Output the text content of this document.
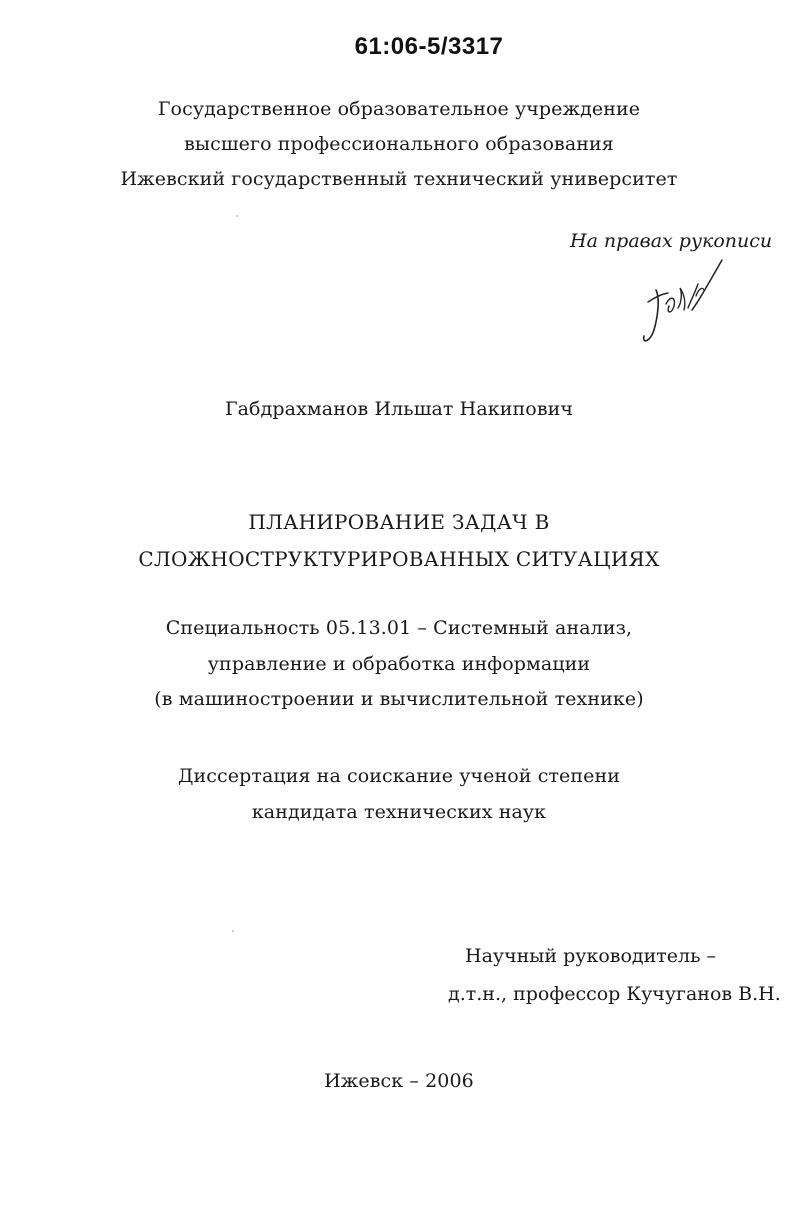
61:06-5/3317
Государственное образовательное учреждение
высшего профессионального образования
Ижевский государственный технический университет
На правах рукописи
Габдрахманов Ильшат Накипович
ПЛАНИРОВАНИЕ ЗАДАЧ В
СЛОЖНОСТРУКТУРИРОВАННЫХ СИТУАЦИЯХ
Специальность 05.13.01 – Системный анализ,
управление и обработка информации
(в машиностроении и вычислительной технике)
Диссертация на соискание ученой степени
кандидата технических наук
Научный руководитель –
д.т.н., профессор Кучуганов В.Н.
Ижевск – 2006
